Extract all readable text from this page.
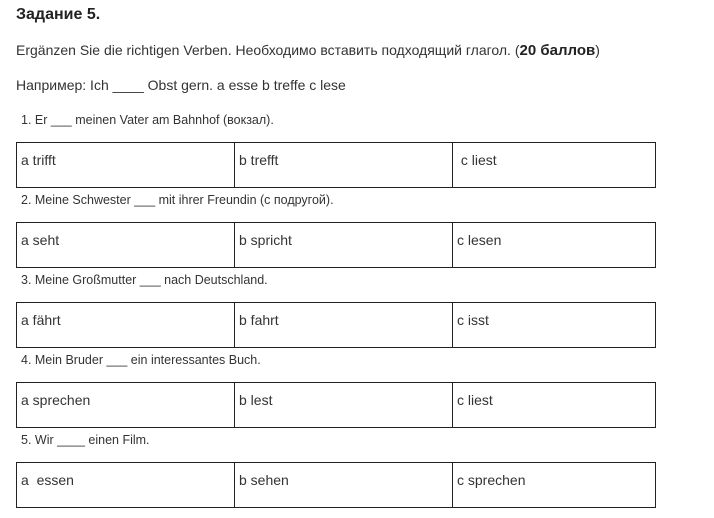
Задание 5.
Ergänzen Sie die richtigen Verben. Необходимо вставить подходящий глагол. (20 баллов)
Например: Ich ____ Obst gern. a esse b treffe c lese
1. Er ___ meinen Vater am Bahnhof (вокзал).
a trifft	b trefft	c liest
2. Meine Schwester ___ mit ihrer Freundin (с подругой).
a seht	b spricht	c lesen
3. Meine Großmutter ___ nach Deutschland.
a fährt	b fahrt	c isst
4. Mein Bruder ___ ein interessantes Buch.
a sprechen	b lest	c liest
5. Wir ____ einen Film.
a  essen	b sehen	c sprechen
